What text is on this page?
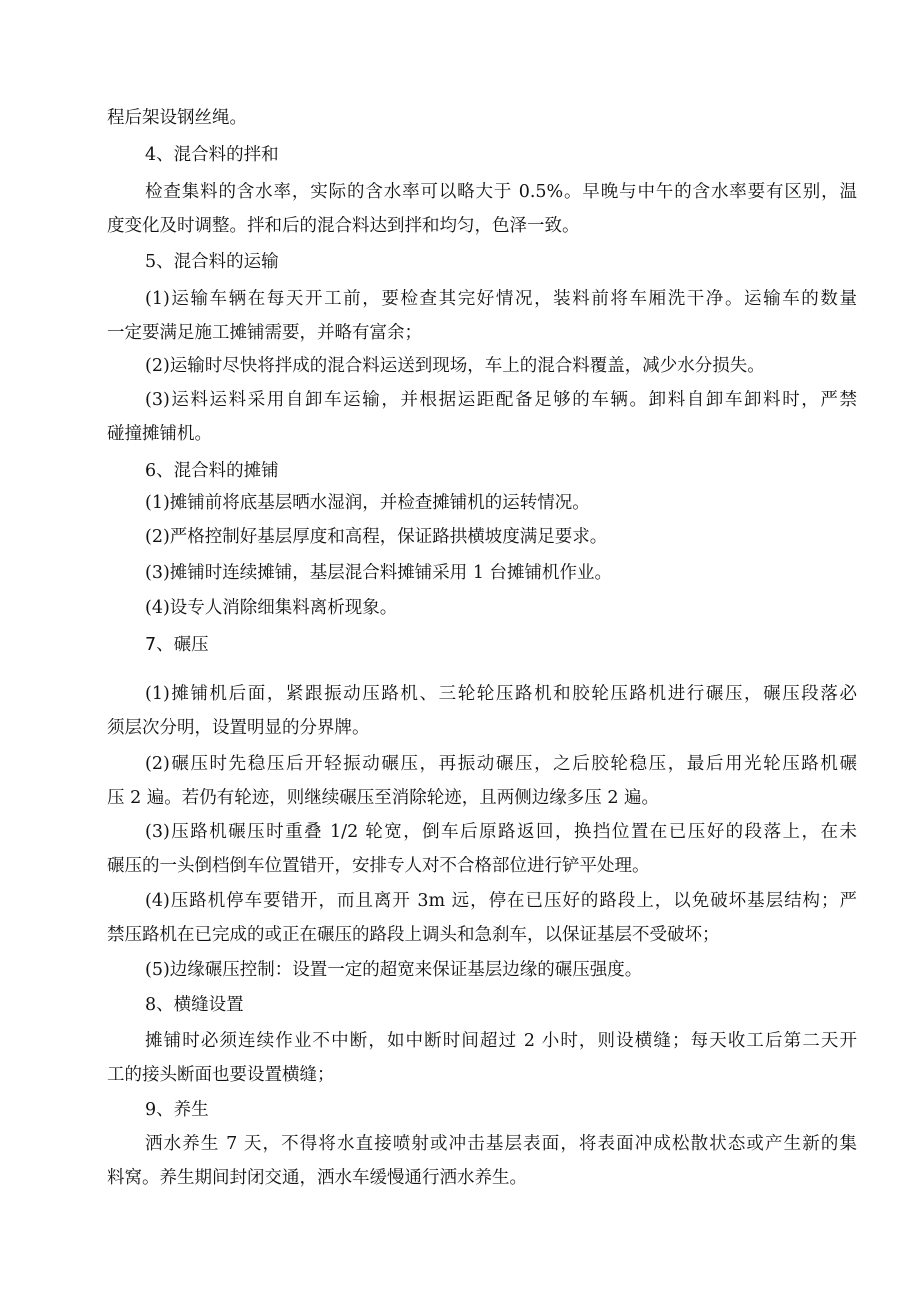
程后架设钢丝绳。
4、混合料的拌和
检查集料的含水率，实际的含水率可以略大于 0.5%。早晚与中午的含水率要有区别，温
度变化及时调整。拌和后的混合料达到拌和均匀，色泽一致。
5、混合料的运输
(1)运输车辆在每天开工前，要检查其完好情况，装料前将车厢洗干净。运输车的数量
一定要满足施工摊铺需要，并略有富余；
(2)运输时尽快将拌成的混合料运送到现场，车上的混合料覆盖，减少水分损失。
(3)运料运料采用自卸车运输，并根据运距配备足够的车辆。卸料自卸车卸料时，严禁
碰撞摊铺机。
6、混合料的摊铺
(1)摊铺前将底基层晒水湿润，并检查摊铺机的运转情况。
(2)严格控制好基层厚度和高程，保证路拱横坡度满足要求。
(3)摊铺时连续摊铺，基层混合料摊铺采用 1 台摊铺机作业。
(4)设专人消除细集料离析现象。
7、碾压
(1)摊铺机后面，紧跟振动压路机、三轮轮压路机和胶轮压路机进行碾压，碾压段落必
须层次分明，设置明显的分界牌。
(2)碾压时先稳压后开轻振动碾压，再振动碾压，之后胶轮稳压，最后用光轮压路机碾
压 2 遍。若仍有轮迹，则继续碾压至消除轮迹，且两侧边缘多压 2 遍。
(3)压路机碾压时重叠 1/2 轮宽，倒车后原路返回，换挡位置在已压好的段落上，在未
碾压的一头倒档倒车位置错开，安排专人对不合格部位进行铲平处理。
(4)压路机停车要错开，而且离开 3m 远，停在已压好的路段上，以免破坏基层结构；严
禁压路机在已完成的或正在碾压的路段上调头和急刹车，以保证基层不受破坏；
(5)边缘碾压控制：设置一定的超宽来保证基层边缘的碾压强度。
8、横缝设置
摊铺时必须连续作业不中断，如中断时间超过 2 小时，则设横缝；每天收工后第二天开
工的接头断面也要设置横缝；
9、养生
洒水养生 7 天，不得将水直接喷射或冲击基层表面，将表面冲成松散状态或产生新的集
料窝。养生期间封闭交通，洒水车缓慢通行洒水养生。
